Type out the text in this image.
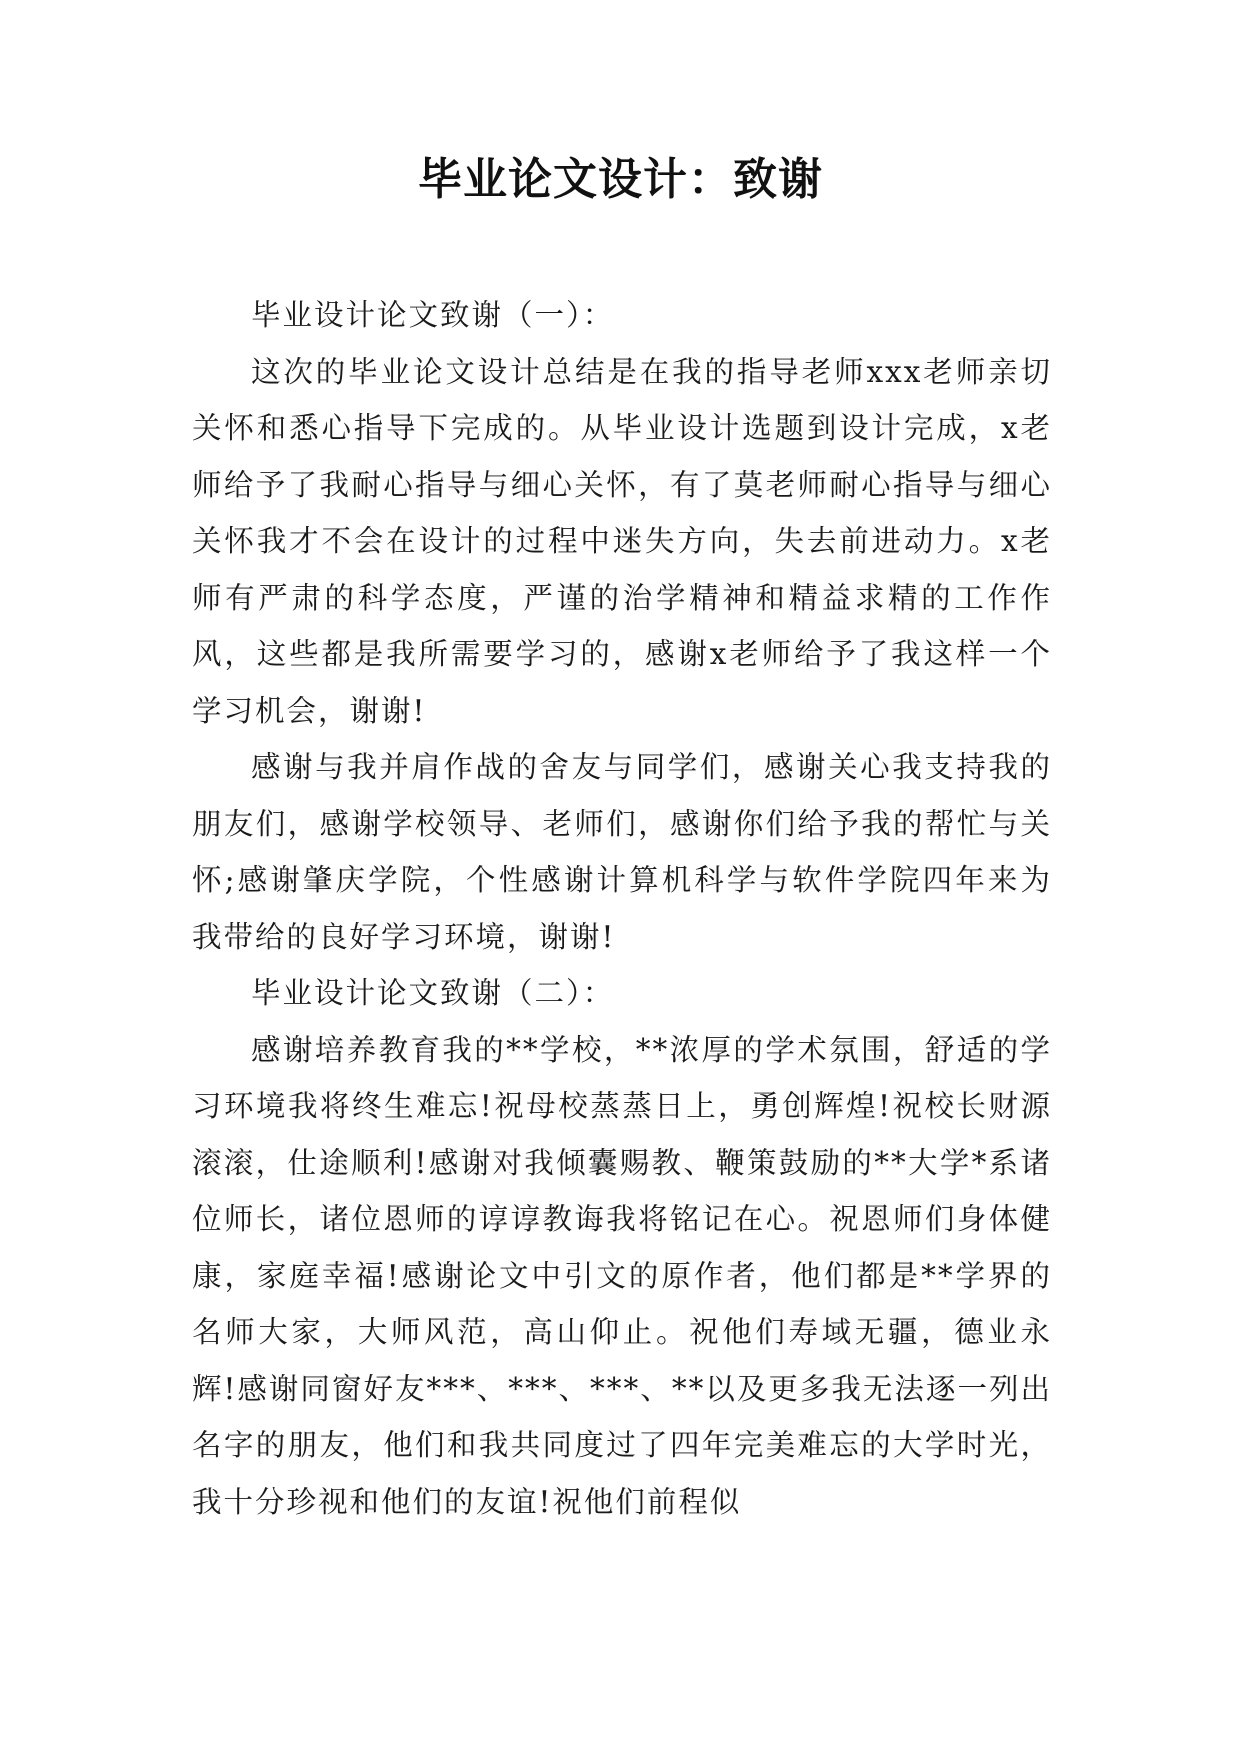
毕业论文设计：致谢

毕业设计论文致谢（一）：

这次的毕业论文设计总结是在我的指导老师xxx老师亲切关怀和悉心指导下完成的。从毕业设计选题到设计完成，x老师给予了我耐心指导与细心关怀，有了莫老师耐心指导与细心关怀我才不会在设计的过程中迷失方向，失去前进动力。x老师有严肃的科学态度，严谨的治学精神和精益求精的工作作风，这些都是我所需要学习的，感谢x老师给予了我这样一个学习机会，谢谢!

感谢与我并肩作战的舍友与同学们，感谢关心我支持我的朋友们，感谢学校领导、老师们，感谢你们给予我的帮忙与关怀;感谢肇庆学院，个性感谢计算机科学与软件学院四年来为我带给的良好学习环境，谢谢!

毕业设计论文致谢（二）：

感谢培养教育我的**学校，**浓厚的学术氛围，舒适的学习环境我将终生难忘!祝母校蒸蒸日上，勇创辉煌!祝校长财源滚滚，仕途顺利!感谢对我倾囊赐教、鞭策鼓励的**大学*系诸位师长，诸位恩师的谆谆教诲我将铭记在心。祝恩师们身体健康，家庭幸福!感谢论文中引文的原作者，他们都是**学界的名师大家，大师风范，高山仰止。祝他们寿域无疆，德业永辉!感谢同窗好友***、***、***、**以及更多我无法逐一列出名字的朋友，他们和我共同度过了四年完美难忘的大学时光，我十分珍视和他们的友谊!祝他们前程似
